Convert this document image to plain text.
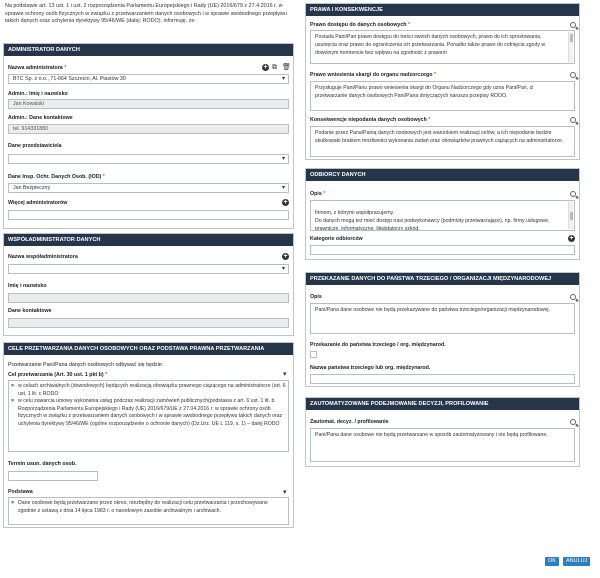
Na podstawie art. 13 ust. 1 i ust. 2 rozporządzenia Parlamentu Europejskiego i Rady (UE) 2016/679 z 27.4.2016 r. w sprawie ochrony osób fizycznych w związku z przetwarzaniem danych osobowych i w sprawie swobodnego przepływu takich danych oraz uchylenia dyrektywy 95/46/WE (dalej: RODO), informuję, że:
ADMINISTRATOR DANYCH
Nazwa administratora *	+ ⧉ 🗑
BTC Sp. z o.o., 71-064 Szczecin, Al. Piastów 30	▾
Admin.: Imię i nazwisko
Jan Kowalski
Admin.: Dane kontaktowe
tel. 914331880
Dane przedstawiciela
▾
Dane Insp. Ochr. Danych Osob. (IOD) *
Jan Bezpieczny	▾
Więcej administratorów	+
WSPÓŁADMINISTRATOR DANYCH
Nazwa współadministratora	+
▾
Imię i nazwisko
Dane kontaktowe
CELE PRZETWARZANIA DANYCH OSOBOWYCH ORAZ PODSTAWA PRAWNA PRZETWARZANIA
Przetwarzanie Pani/Pana danych osobowych odbywać się będzie:
Cel przetwarzania (Art. 30 ust. 1 pkt b) *	▾
× w celach archiwalnych (dowodowych) będących realizacją obowiązku prawnego ciążącego na administratorze (art. 6 ust. 1 lit. c RODO
× w celu zawarcia umowy wykonania usług podczas realizacji zamówień publicznych(podstawa z art. 6 ust. 1 lit. b Rozporządzenia Parlamentu Europejskiego i Rady (UE) 2016/679/UE z 27.04.2016 r. w sprawie ochrony osób fizycznych w związku z przetwarzaniem danych osobowych i w sprawie swobodnego przepływu takich danych oraz uchylenia dyrektywy 95/46/WE (ogólne rozporządzenie o ochronie danych) (Dz.Urz. UE L 119, s. 1) – dalej RODO
Termin usun. danych osob.
Podstawa	▾
× Dane osobowe będą przetwarzane przez okres, niezbędny do realizacji celu przetwarzania i przechowywane zgodnie z ustawą z dnia 14 lipca 1983 r. o narodowym zasobie archiwalnym i archiwach.
PRAWA I KONSEKWENCJE
Prawo dostępu do danych osobowych *
Posiada Pani/Pan prawo dostępu do treści swoich danych osobowych, prawo do ich sprostowania, usunięcia oraz prawo do ograniczenia ich przetwarzania. Ponadto także prawo do cofnięcia zgody w dowolnym momencie bez wpływu na zgodność z prawem
Prawo wniesienia skargi do organu nadzorczego *
Przysługuje Pani/Panu prawo wniesienia skargi do Organu Nadzorczego gdy uzna Pani/Pan, iż przetwarzanie danych osobowych Pani/Pana dotyczących narusza przepisy RODO.
Konsekwencje niepodania danych osobowych *
Podanie przez Pana/Panią danych osobowych jest warunkiem realizacji celów, a ich niepodanie będzie skutkowało brakiem możliwości wykonania zadań oraz obowiązków prawnych ciążących na administratorze.
ODBIORCY DANYCH
Opis *

firmom, z którymi współpracujemy.
Do danych mogą też mieć dostęp nasi podwykonawcy (podmioty przetwarzające), np. firmy usługowe, prawnicze, informatyczne, likwidatorzy szkód.

Kategorie odbiorców	+
PRZEKAZANIE DANYCH DO PAŃSTWA TRZECIEGO / ORGANIZACJI MIĘDZYNARODOWEJ
Opis
Pani/Pana dane osobowe nie będą przekazywane do państwa trzeciego/organizacji międzynarodowej.
Przekazanie do państwa trzeciego / org. międzynarod.
Nazwa państwa trzeciego lub org. międzynarod.
ZAUTOMATYZOWANE PODEJMOWANIE DECYZJI, PROFILOWANIE
Zautomat. decyz. / profilowanie
Pani/Pana dane osobowe nie będą przetwarzane w sposób zautomatyzowany i nie będą profilowane.
OK	ANULUJ
